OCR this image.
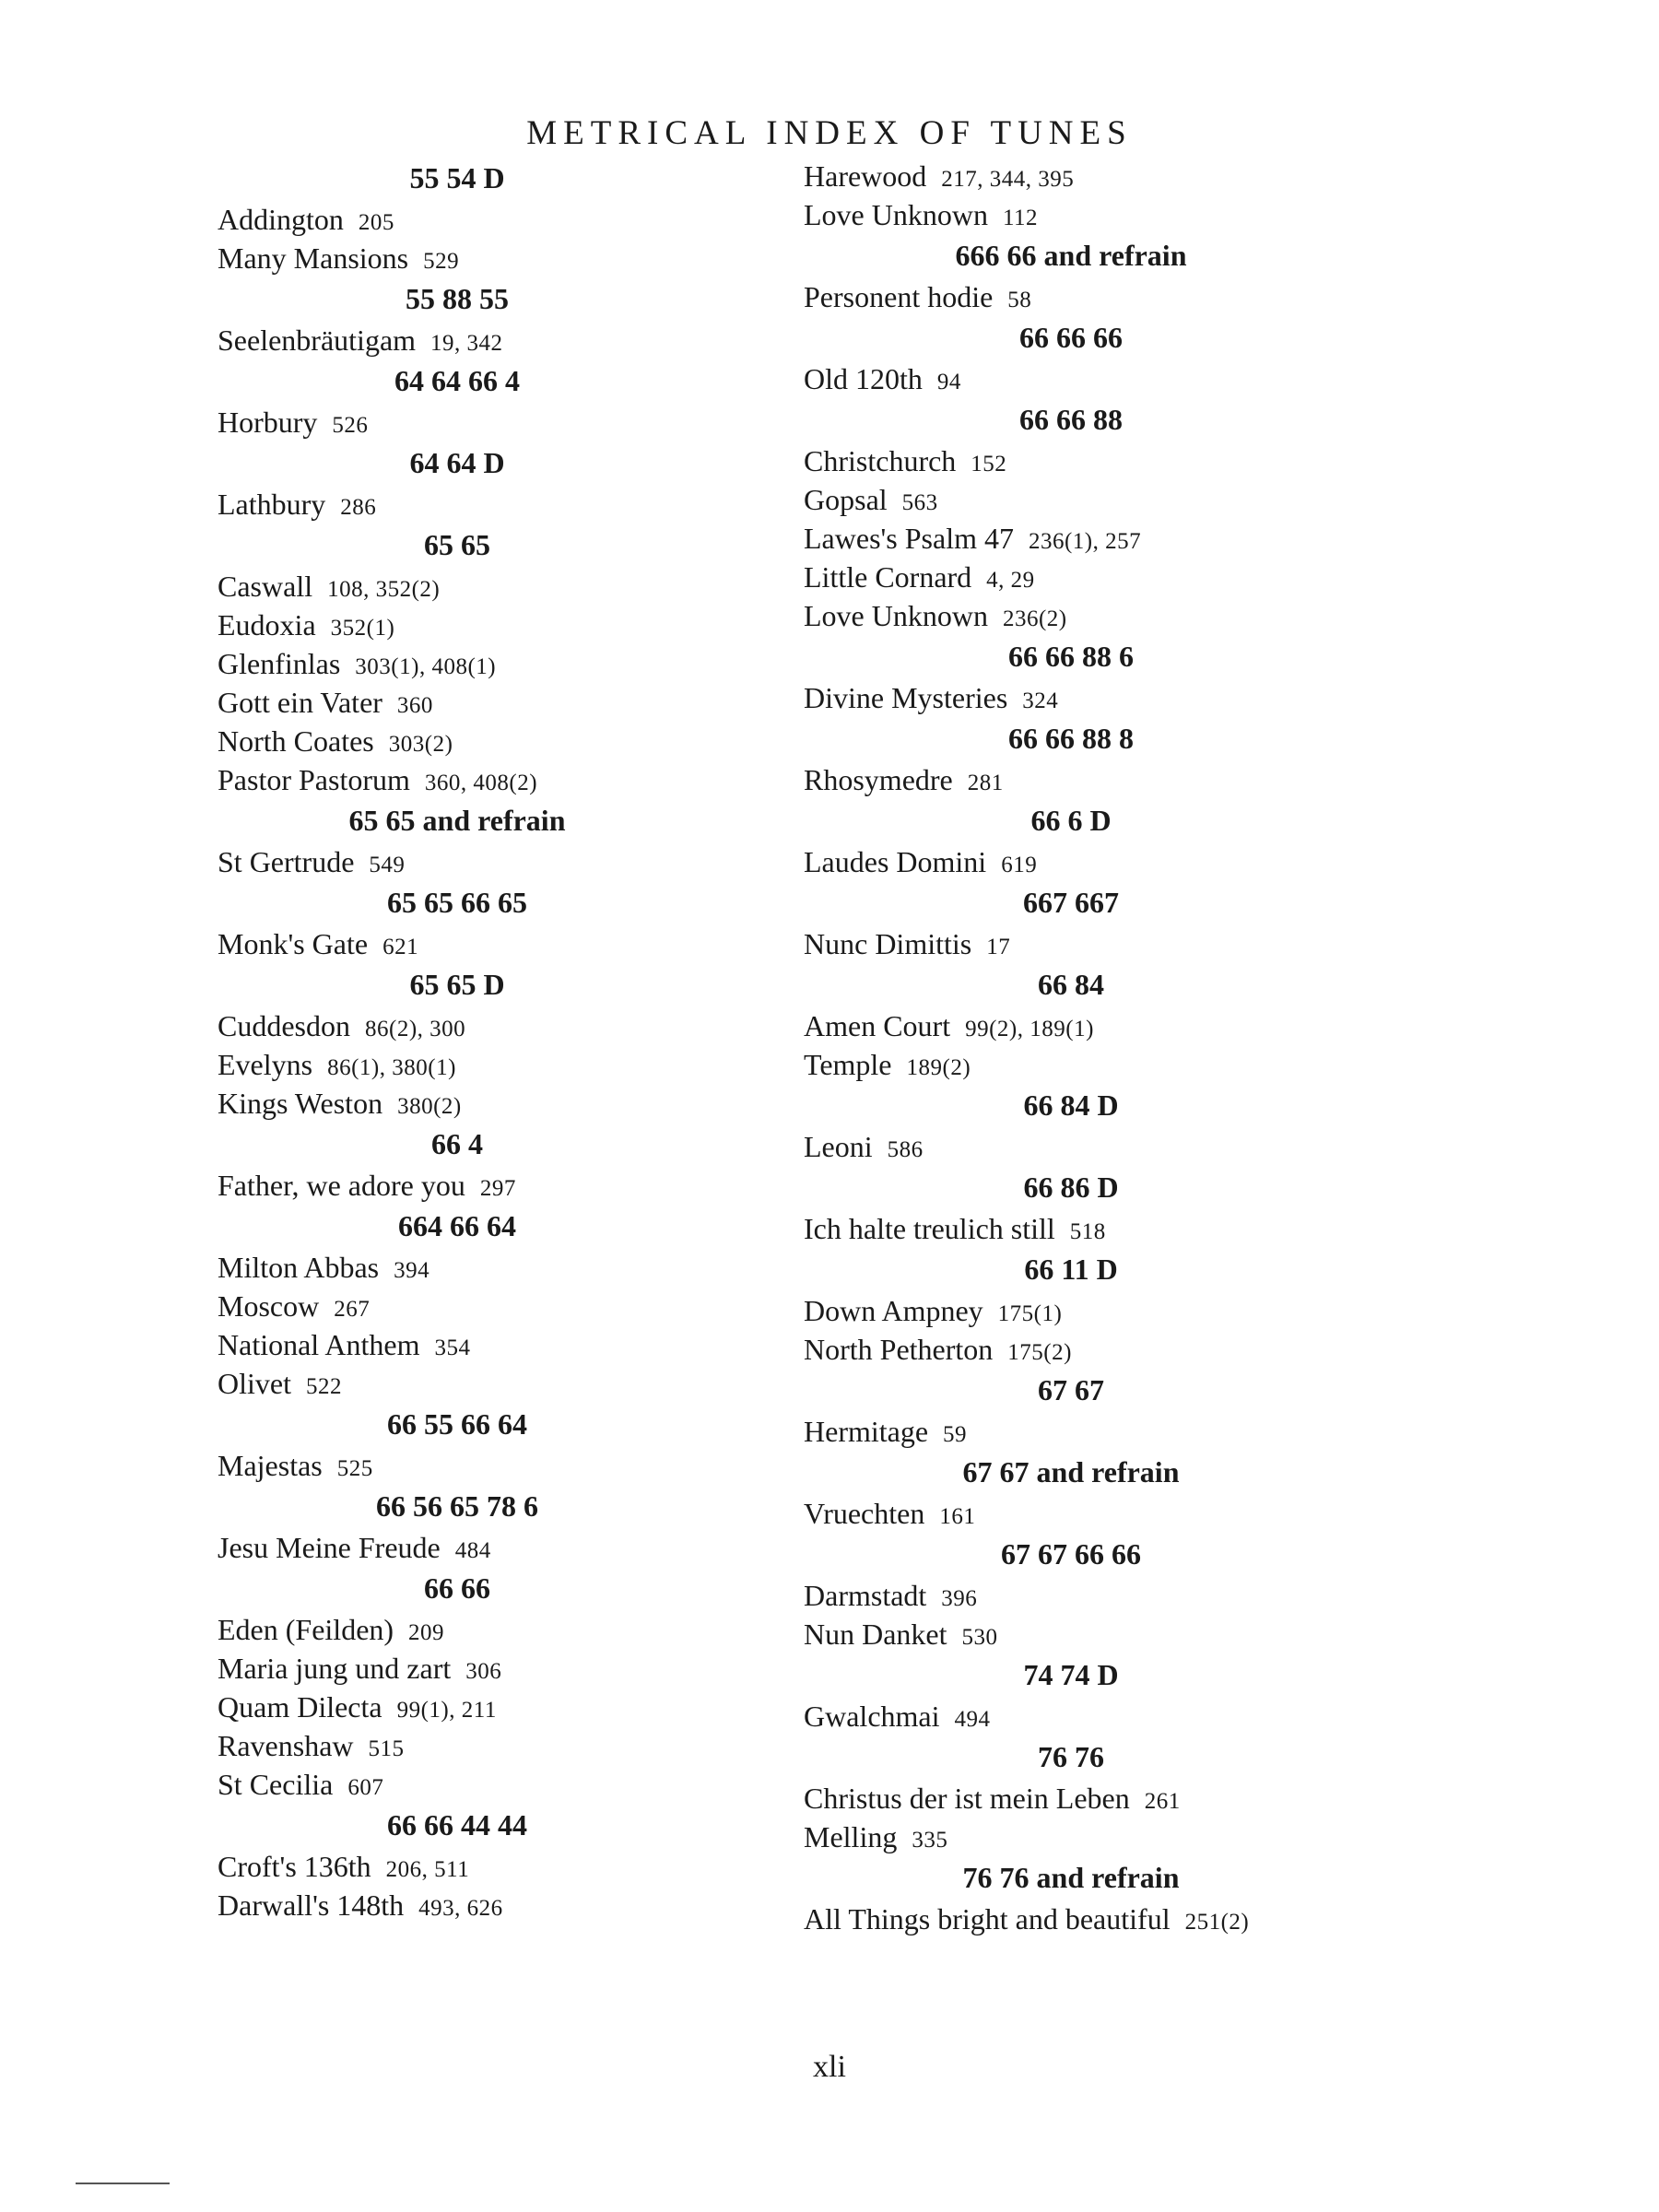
METRICAL INDEX OF TUNES
55 54 D
Addington 205
Many Mansions 529
55 88 55
Seelenbräutigam 19, 342
64 64 66 4
Horbury 526
64 64 D
Lathbury 286
65 65
Caswall 108, 352(2)
Eudoxia 352(1)
Glenfinlas 303(1), 408(1)
Gott ein Vater 360
North Coates 303(2)
Pastor Pastorum 360, 408(2)
65 65 and refrain
St Gertrude 549
65 65 66 65
Monk's Gate 621
65 65 D
Cuddesdon 86(2), 300
Evelyns 86(1), 380(1)
Kings Weston 380(2)
66 4
Father, we adore you 297
664 66 64
Milton Abbas 394
Moscow 267
National Anthem 354
Olivet 522
66 55 66 64
Majestas 525
66 56 65 78 6
Jesu Meine Freude 484
66 66
Eden (Feilden) 209
Maria jung und zart 306
Quam Dilecta 99(1), 211
Ravenshaw 515
St Cecilia 607
66 66 44 44
Croft's 136th 206, 511
Darwall's 148th 493, 626
Harewood 217, 344, 395
Love Unknown 112
666 66 and refrain
Personent hodie 58
66 66 66
Old 120th 94
66 66 88
Christchurch 152
Gopsal 563
Lawes's Psalm 47 236(1), 257
Little Cornard 4, 29
Love Unknown 236(2)
66 66 88 6
Divine Mysteries 324
66 66 88 8
Rhosymedre 281
66 6 D
Laudes Domini 619
667 667
Nunc Dimittis 17
66 84
Amen Court 99(2), 189(1)
Temple 189(2)
66 84 D
Leoni 586
66 86 D
Ich halte treulich still 518
66 11 D
Down Ampney 175(1)
North Petherton 175(2)
67 67
Hermitage 59
67 67 and refrain
Vruechten 161
67 67 66 66
Darmstadt 396
Nun Danket 530
74 74 D
Gwalchmai 494
76 76
Christus der ist mein Leben 261
Melling 335
76 76 and refrain
All Things bright and beautiful 251(2)
xli
